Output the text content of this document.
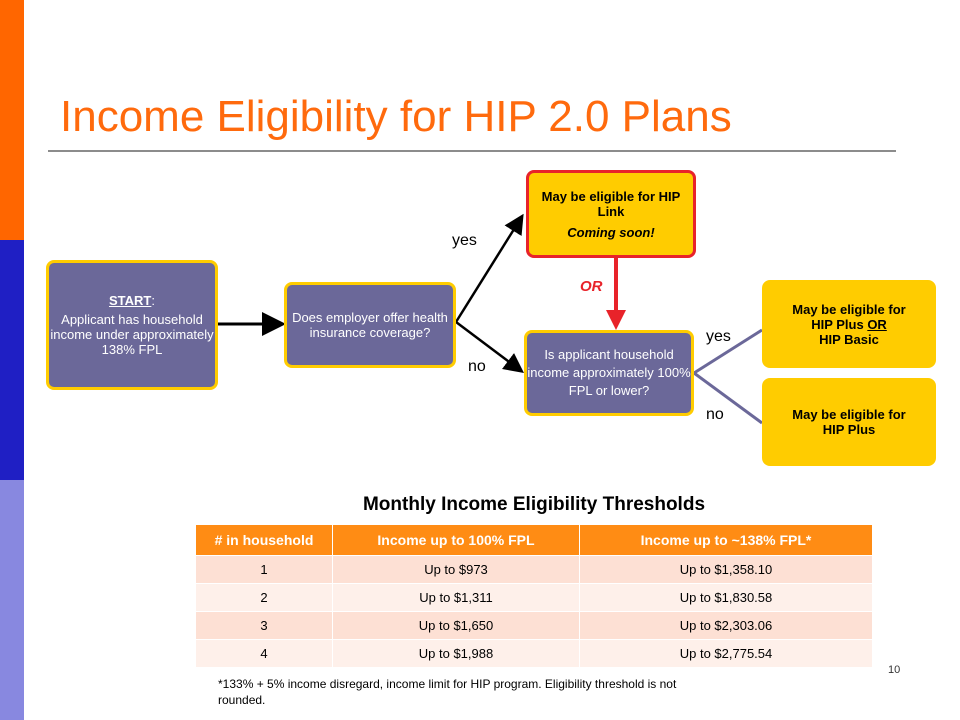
Income Eligibility for HIP 2.0 Plans
START:
Applicant has household income under approximately 138% FPL
Does employer offer health insurance coverage?
Is applicant household income approximately 100% FPL or lower?
May be eligible for HIP Link
Coming soon!
May be eligible for
HIP Plus OR
HIP Basic
May be eligible for
HIP Plus
yes
no
yes
no
OR
Monthly Income Eligibility Thresholds
# in household	Income up to 100% FPL	Income up to ~138% FPL*
1	Up to $973	Up to $1,358.10
2	Up to $1,311	Up to $1,830.58
3	Up to $1,650	Up to $2,303.06
4	Up to $1,988	Up to $2,775.54
*133% + 5% income disregard, income limit for HIP program. Eligibility threshold is not rounded.
10
